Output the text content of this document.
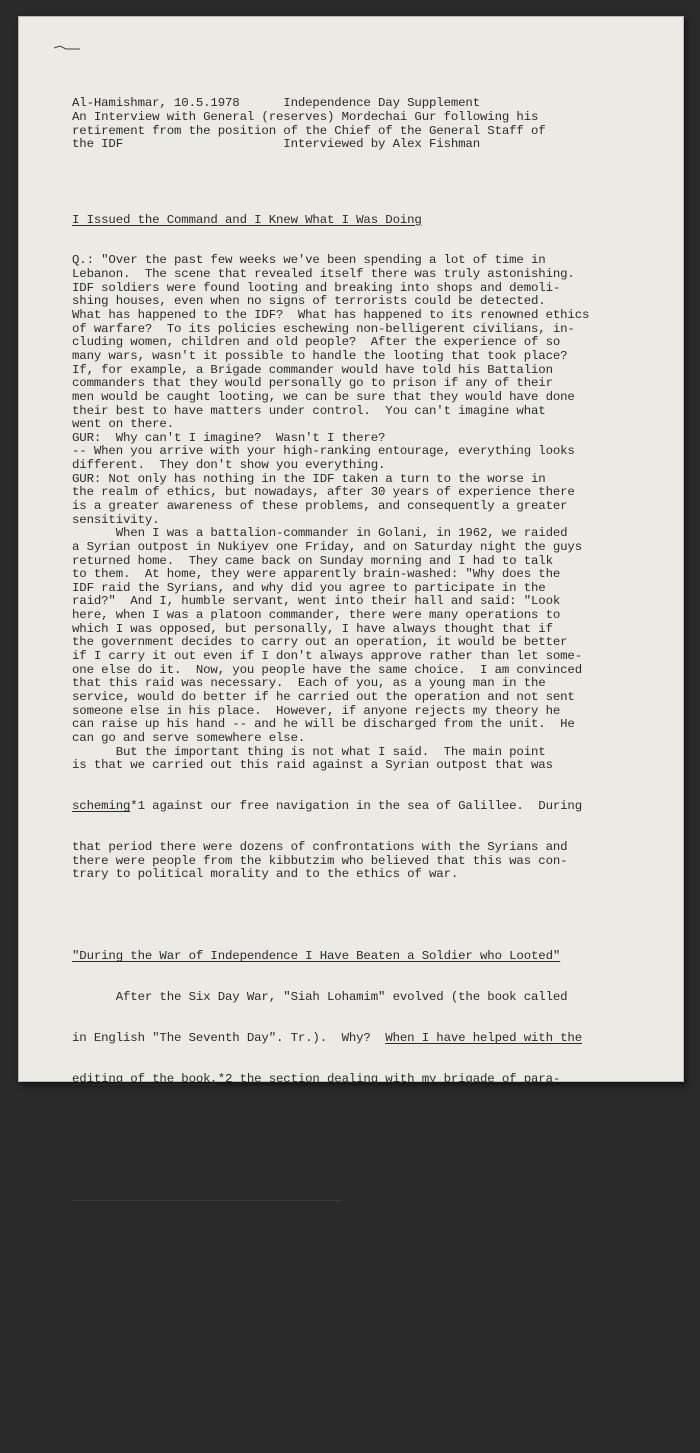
Al-Hamishmar, 10.5.1978      Independence Day Supplement
An Interview with General (reserves) Mordechai Gur following his
retirement from the position of the Chief of the General Staff of
the IDF                      Interviewed by Alex Fishman

I Issued the Command and I Knew What I Was Doing

Q.: "Over the past few weeks we've been spending a lot of time in
Lebanon.  The scene that revealed itself there was truly astonishing.
IDF soldiers were found looting and breaking into shops and demoli-
shing houses, even when no signs of terrorists could be detected.
What has happened to the IDF?  What has happened to its renowned ethics
of warfare?  To its policies eschewing non-belligerent civilians, in-
cluding women, children and old people?  After the experience of so
many wars, wasn't it possible to handle the looting that took place?
If, for example, a Brigade commander would have told his Battalion
commanders that they would personally go to prison if any of their
men would be caught looting, we can be sure that they would have done
their best to have matters under control.  You can't imagine what
went on there.
GUR:  Why can't I imagine?  Wasn't I there?
-- When you arrive with your high-ranking entourage, everything looks
different.  They don't show you everything.
GUR: Not only has nothing in the IDF taken a turn to the worse in
the realm of ethics, but nowadays, after 30 years of experience there
is a greater awareness of these problems, and consequently a greater
sensitivity.
When I was a battalion-commander in Golani, in 1962, we raided
a Syrian outpost in Nukiyev one Friday, and on Saturday night the guys
returned home.  They came back on Sunday morning and I had to talk
to them.  At home, they were apparently brain-washed: "Why does the
IDF raid the Syrians, and why did you agree to participate in the
raid?"  And I, humble servant, went into their hall and said: "Look
here, when I was a platoon commander, there were many operations to
which I was opposed, but personally, I have always thought that if
the government decides to carry out an operation, it would be better
if I carry it out even if I don't always approve rather than let some-
one else do it.  Now, you people have the same choice.  I am convinced
that this raid was necessary.  Each of you, as a young man in the
service, would do better if he carried out the operation and not sent
someone else in his place.  However, if anyone rejects my theory he
can raise up his hand -- and he will be discharged from the unit.  He
can go and serve somewhere else.
But the important thing is not what I said.  The main point
is that we carried out this raid against a Syrian outpost that was

scheming*1 against our free navigation in the sea of Galillee.  During

that period there were dozens of confrontations with the Syrians and
there were people from the kibbutzim who believed that this was con-
trary to political morality and to the ethics of war.

"During the War of Independence I Have Beaten a Soldier who Looted"

After the Six Day War, "Siah Lohamim" evolved (the book called

in English "The Seventh Day". Tr.).  Why?  When I have helped with the

editing of the book,*2 the section dealing with my brigade of para-

troopers contained a very long chapter on looting, which we edited

very delicately, because throughout my life I've refused to shut my

*1All emphases mine. In fact what was in question was the Syrian
right to those portions of the lake adjoining their shores. I. Shahak.

*2This interesting and significant fact, that the high officers

of the Israeli Army have "helped" to edit this book, was of course
not mentioned by the nominal editors, a group of hypocritical propa-
gandists from the kibbutz movement.  In consequence of this deception
"The Seventh Day" -- which is a piece of deception and dishonesty from
beginning to the end, is quoted as "an original document" about the
"nature of the Israeli army" etc., by many Zionists who want to deceive
in a pseudoscholarly way.  One of the last cases of such a use is
Michael Walzer's "Just and Unjust Wars."  I. Shahak.
